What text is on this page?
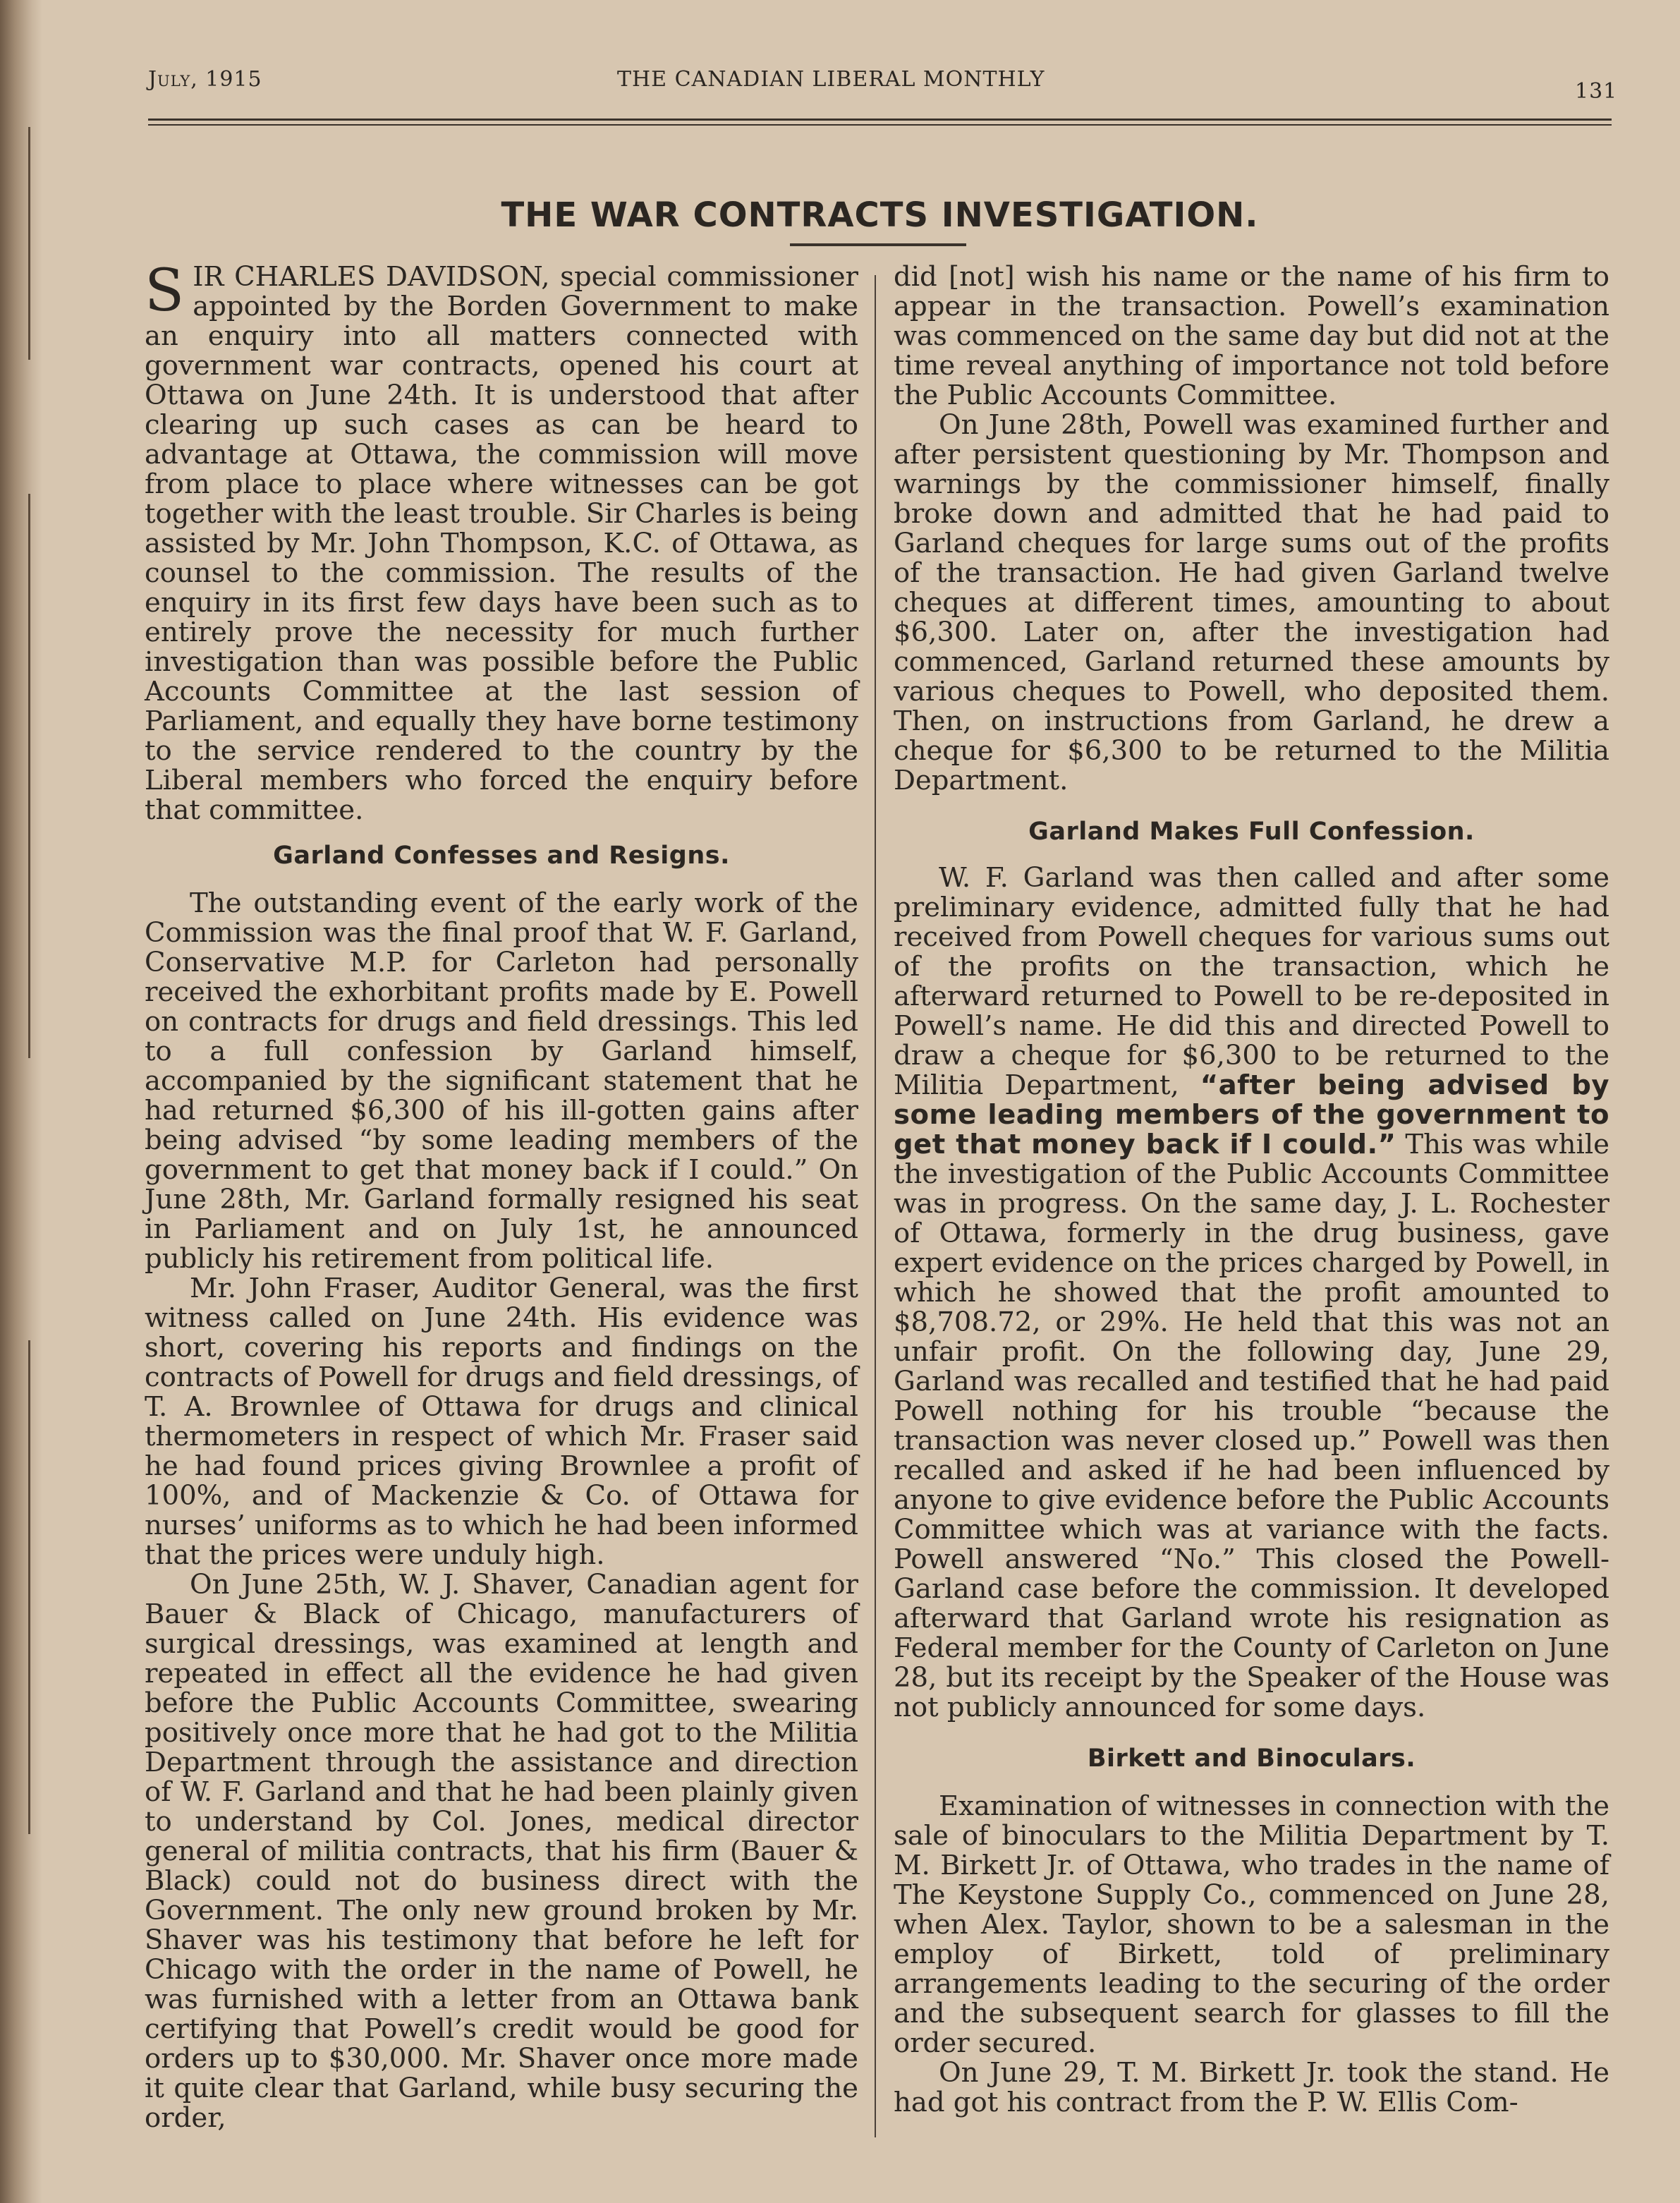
July, 1915	THE CANADIAN LIBERAL MONTHLY	131
THE WAR CONTRACTS INVESTIGATION.

SIR CHARLES DAVIDSON, special commissioner appointed by the Borden Government to make an enquiry into all matters connected with government war contracts, opened his court at Ottawa on June 24th. It is understood that after clearing up such cases as can be heard to advantage at Ottawa, the commission will move from place to place where witnesses can be got together with the least trouble. Sir Charles is being assisted by Mr. John Thompson, K.C. of Ottawa, as counsel to the commission. The results of the enquiry in its first few days have been such as to entirely prove the necessity for much further investigation than was possible before the Public Accounts Committee at the last session of Parliament, and equally they have borne testimony to the service rendered to the country by the Liberal members who forced the enquiry before that committee.

Garland Confesses and Resigns.

The outstanding event of the early work of the Commission was the final proof that W. F. Garland, Conservative M.P. for Carleton had personally received the exhorbitant profits made by E. Powell on contracts for drugs and field dressings. This led to a full confession by Garland himself, accompanied by the significant statement that he had returned $6,300 of his ill-gotten gains after being advised “by some leading members of the government to get that money back if I could.” On June 28th, Mr. Garland formally resigned his seat in Parliament and on July 1st, he announced publicly his retirement from political life.

Mr. John Fraser, Auditor General, was the first witness called on June 24th. His evidence was short, covering his reports and findings on the contracts of Powell for drugs and field dressings, of T. A. Brownlee of Ottawa for drugs and clinical thermometers in respect of which Mr. Fraser said he had found prices giving Brownlee a profit of 100%, and of Mackenzie & Co. of Ottawa for nurses’ uniforms as to which he had been informed that the prices were unduly high.

On June 25th, W. J. Shaver, Canadian agent for Bauer & Black of Chicago, manufacturers of surgical dressings, was examined at length and repeated in effect all the evidence he had given before the Public Accounts Committee, swearing positively once more that he had got to the Militia Department through the assistance and direction of W. F. Garland and that he had been plainly given to understand by Col. Jones, medical director general of militia contracts, that his firm (Bauer & Black) could not do business direct with the Government. The only new ground broken by Mr. Shaver was his testimony that before he left for Chicago with the order in the name of Powell, he was furnished with a letter from an Ottawa bank certifying that Powell’s credit would be good for orders up to $30,000. Mr. Shaver once more made it quite clear that Garland, while busy securing the order,

did [not] wish his name or the name of his firm to appear in the transaction. Powell’s examination was commenced on the same day but did not at the time reveal anything of importance not told before the Public Accounts Committee.

On June 28th, Powell was examined further and after persistent questioning by Mr. Thompson and warnings by the commissioner himself, finally broke down and admitted that he had paid to Garland cheques for large sums out of the profits of the transaction. He had given Garland twelve cheques at different times, amounting to about $6,300. Later on, after the investigation had commenced, Garland returned these amounts by various cheques to Powell, who deposited them. Then, on instructions from Garland, he drew a cheque for $6,300 to be returned to the Militia Department.

Garland Makes Full Confession.

W. F. Garland was then called and after some preliminary evidence, admitted fully that he had received from Powell cheques for various sums out of the profits on the transaction, which he afterward returned to Powell to be re-deposited in Powell’s name. He did this and directed Powell to draw a cheque for $6,300 to be returned to the Militia Department, “after being advised by some leading members of the government to get that money back if I could.” This was while the investigation of the Public Accounts Committee was in progress. On the same day, J. L. Rochester of Ottawa, formerly in the drug business, gave expert evidence on the prices charged by Powell, in which he showed that the profit amounted to $8,708.72, or 29%. He held that this was not an unfair profit. On the following day, June 29, Garland was recalled and testified that he had paid Powell nothing for his trouble “because the transaction was never closed up.” Powell was then recalled and asked if he had been influenced by anyone to give evidence before the Public Accounts Committee which was at variance with the facts. Powell answered “No.” This closed the Powell-Garland case before the commission. It developed afterward that Garland wrote his resignation as Federal member for the County of Carleton on June 28, but its receipt by the Speaker of the House was not publicly announced for some days.

Birkett and Binoculars.

Examination of witnesses in connection with the sale of binoculars to the Militia Department by T. M. Birkett Jr. of Ottawa, who trades in the name of The Keystone Supply Co., commenced on June 28, when Alex. Taylor, shown to be a salesman in the employ of Birkett, told of preliminary arrangements leading to the securing of the order and the subsequent search for glasses to fill the order secured.

On June 29, T. M. Birkett Jr. took the stand. He had got his contract from the P. W. Ellis Com-
